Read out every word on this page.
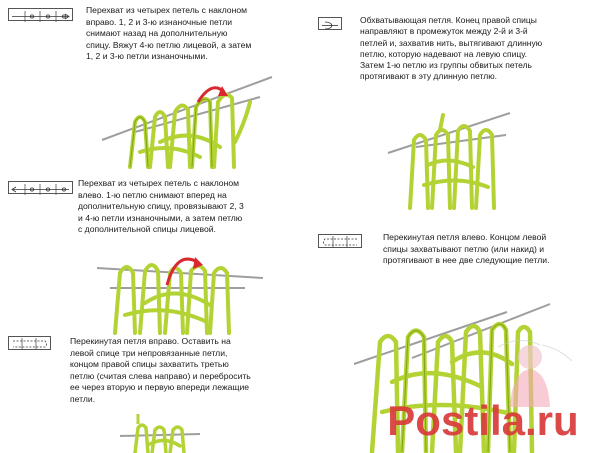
Перехват из четырех петель с наклоном
вправо. 1, 2 и 3-ю изнаночные петли
снимают назад на дополнительную
спицу. Вяжут 4-ю петлю лицевой, а затем
1, 2 и 3-ю петли изнаночными.
Перехват из четырех петель с наклоном
влево. 1-ю петлю снимают вперед на
дополнительную спицу, провязывают 2, 3
и 4-ю петли изнаночными, а затем петлю
с дополнительной спицы лицевой.
Перекинутая петля вправо. Оставить на
левой спице три непровязанные петли,
концом правой спицы захватить третью
петлю (считая слева направо) и перебросить
ее через вторую и первую впереди лежащие
петли.
Обхватывающая петля. Конец правой спицы
направляют в промежуток между 2-й и 3-й
петлей и, захватив нить, вытягивают длинную
петлю, которую надевают на левую спицу.
Затем 1-ю петлю из группы обвитых петель
протягивают в эту длинную петлю.
Перекинутая петля влево. Концом левой
спицы захватывают петлю (или накид) и
протягивают в нее две следующие петли.
Postila.ru
